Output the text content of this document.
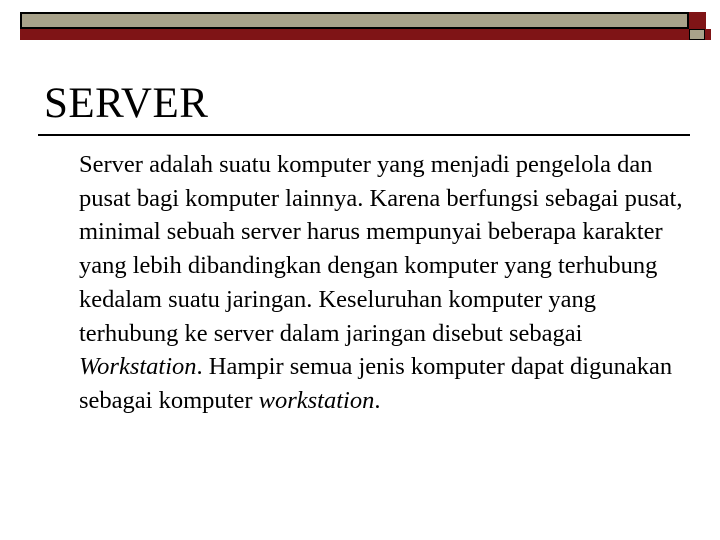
SERVER

Server adalah suatu komputer yang menjadi pengelola dan pusat bagi komputer lainnya. Karena berfungsi sebagai pusat, minimal sebuah server harus mempunyai beberapa karakter yang lebih dibandingkan dengan komputer yang terhubung kedalam suatu jaringan. Keseluruhan komputer yang terhubung ke server dalam jaringan disebut sebagai Workstation. Hampir semua jenis komputer dapat digunakan sebagai komputer workstation.
